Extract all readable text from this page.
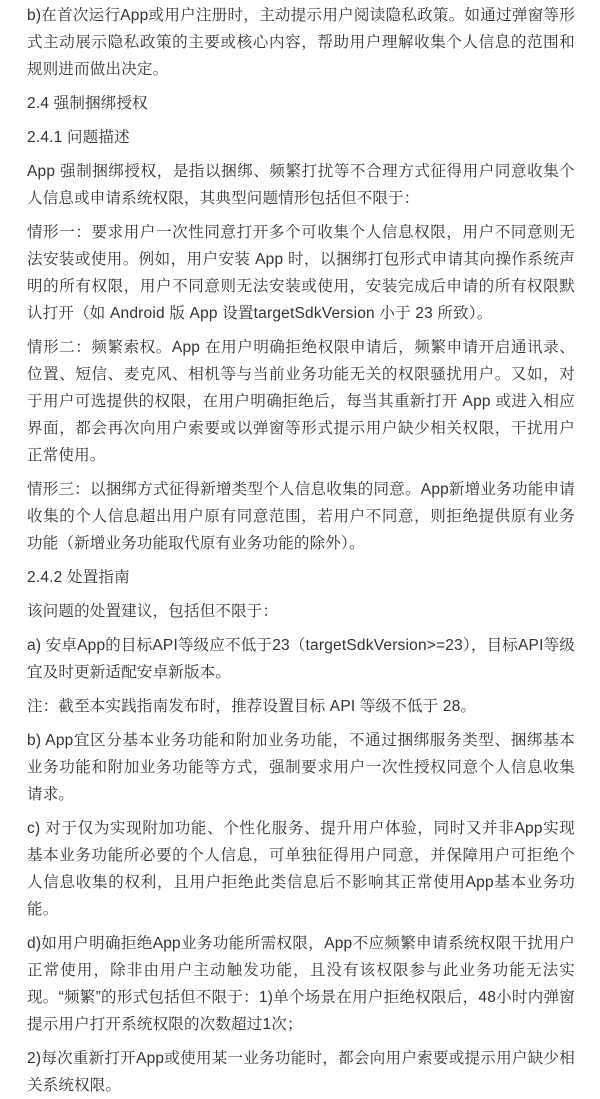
b)在首次运行App或用户注册时，主动提示用户阅读隐私政策。如通过弹窗等形式主动展示隐私政策的主要或核心内容，帮助用户理解收集个人信息的范围和规则进而做出决定。

2.4 强制捆绑授权

2.4.1 问题描述

App 强制捆绑授权，是指以捆绑、频繁打扰等不合理方式征得用户同意收集个人信息或申请系统权限，其典型问题情形包括但不限于：

情形一：要求用户一次性同意打开多个可收集个人信息权限，用户不同意则无法安装或使用。例如，用户安装 App 时，以捆绑打包形式申请其向操作系统声明的所有权限，用户不同意则无法安装或使用，安装完成后申请的所有权限默认打开（如 Android 版 App 设置targetSdkVersion 小于 23 所致）。

情形二：频繁索权。App 在用户明确拒绝权限申请后，频繁申请开启通讯录、位置、短信、麦克风、相机等与当前业务功能无关的权限骚扰用户。又如，对于用户可选提供的权限，在用户明确拒绝后，每当其重新打开 App 或进入相应界面，都会再次向用户索要或以弹窗等形式提示用户缺少相关权限，干扰用户正常使用。

情形三：以捆绑方式征得新增类型个人信息收集的同意。App新增业务功能申请收集的个人信息超出用户原有同意范围，若用户不同意，则拒绝提供原有业务功能（新增业务功能取代原有业务功能的除外）。

2.4.2 处置指南

该问题的处置建议，包括但不限于：

a) 安卓App的目标API等级应不低于23（targetSdkVersion>=23），目标API等级宜及时更新适配安卓新版本。

注：截至本实践指南发布时，推荐设置目标 API 等级不低于 28。

b) App宜区分基本业务功能和附加业务功能，不通过捆绑服务类型、捆绑基本业务功能和附加业务功能等方式，强制要求用户一次性授权同意个人信息收集请求。

c) 对于仅为实现附加功能、个性化服务、提升用户体验，同时又并非App实现基本业务功能所必要的个人信息，可单独征得用户同意，并保障用户可拒绝个人信息收集的权利，且用户拒绝此类信息后不影响其正常使用App基本业务功能。

d)如用户明确拒绝App业务功能所需权限，App不应频繁申请系统权限干扰用户正常使用，除非由用户主动触发功能，且没有该权限参与此业务功能无法实现。“频繁”的形式包括但不限于：1)单个场景在用户拒绝权限后，48小时内弹窗提示用户打开系统权限的次数超过1次；

2)每次重新打开App或使用某一业务功能时，都会向用户索要或提示用户缺少相关系统权限。
